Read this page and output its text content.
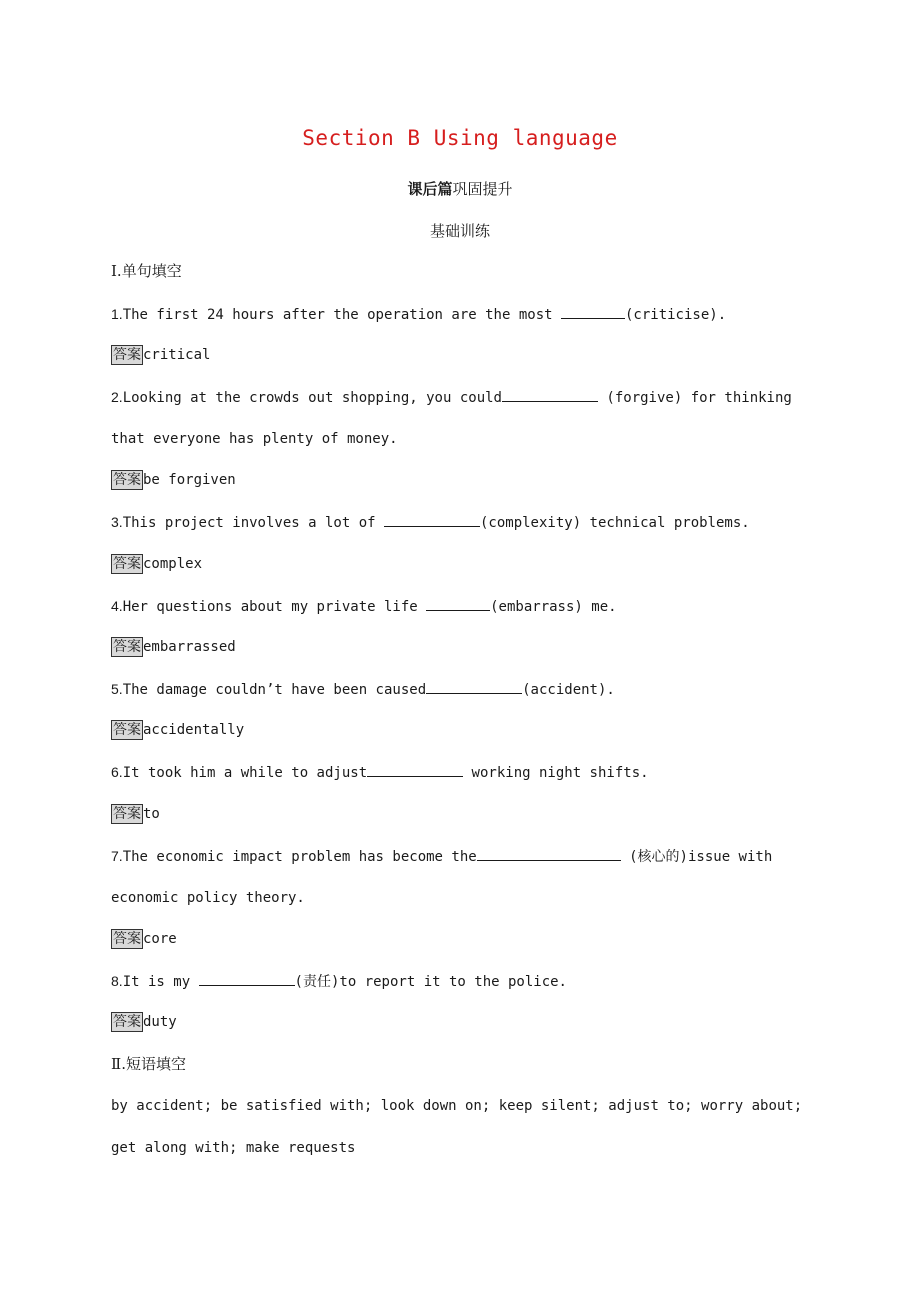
Section B Using language
课后篇巩固提升
基础训练
Ⅰ.单句填空
1.The first 24 hours after the operation are the most	(criticise).
答案 critical
2.Looking at the crowds out shopping, you could	(forgive) for thinking
that everyone has plenty of money.
答案 be forgiven
3.This project involves a lot of	(complexity) technical problems.
答案 complex
4.Her questions about my private life	(embarrass) me.
答案 embarrassed
5.The damage couldn’t have been caused	(accident).
答案 accidentally
6.It took him a while to adjust	working night shifts.
答案 to
7.The economic impact problem has become the	(核心的)issue with
economic policy theory.
答案 core
8.It is my	(责任)to report it to the police.
答案 duty
Ⅱ.短语填空
by accident; be satisfied with; look down on; keep silent; adjust to; worry about;
get along with; make requests
